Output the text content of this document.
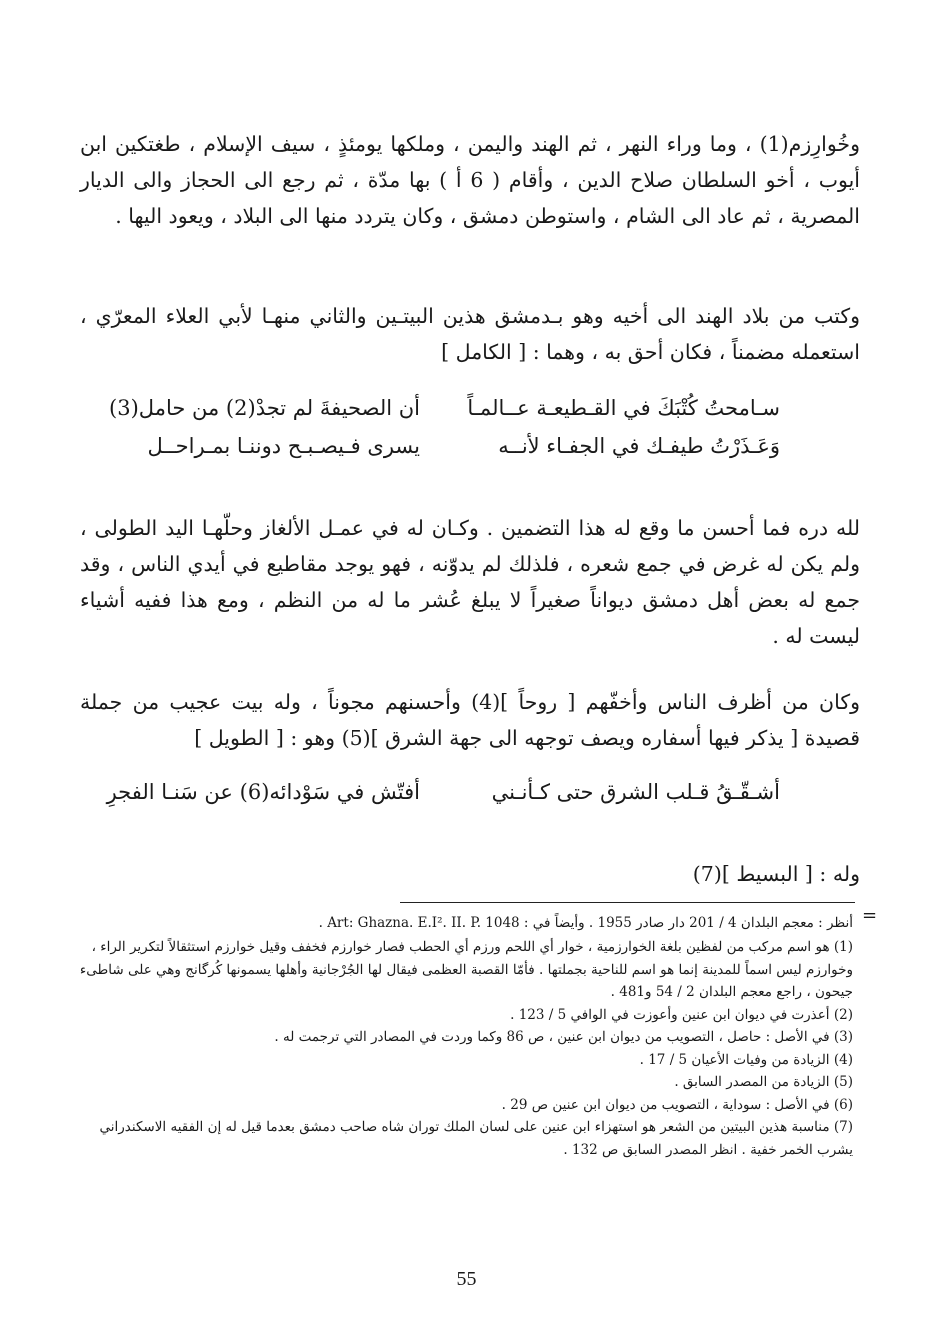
وخُوارِزم(1) ، وما وراء النهر ، ثم الهند واليمن ، وملكها يومئذٍ ، سيف الإسلام ، طغتكين ابن أيوب ، أخو السلطان صلاح الدين ، وأقام ( 6 أ ) بها مدّة ، ثم رجع الى الحجاز والى الديار المصرية ، ثم عاد الى الشام ، واستوطن دمشق ، وكان يتردد منها الى البلاد ، ويعود اليها .
وكتب من بلاد الهند الى أخيه وهو بـدمشق هذين البيتـين والثاني منهـا لأبي العلاء المعرّي ، استعمله مضمناً ، فكان أحق به ، وهما : [ الكامل ]
سـامحتُ كُتْبَكَ في القـطيعـة عــالمـاً
أن الصحيفةَ لم تجدْ(2) من حامل(3)
وَعَـذَرْتُ طيفـك في الجفـاء لأنــه
يسرى فـيصـبـح دوننـا بمـراحــل
لله دره فما أحسن ما وقع له هذا التضمين . وكـان له في عمـل الألغاز وحلّهـا اليد الطولى ، ولم يكن له غرض في جمع شعره ، فلذلك لم يدوّنه ، فهو يوجد مقاطيع في أيدي الناس ، وقد جمع له بعض أهل دمشق ديواناً صغيراً لا يبلغ عُشر ما له من النظم ، ومع هذا ففيه أشياء ليست له .
وكان من أظرف الناس وأخفّهم [ روحاً ](4) وأحسنهم مجوناً ، وله بيت عجيب من جملة قصيدة [ يذكر فيها أسفاره ويصف توجهه الى جهة الشرق ](5) وهو : [ الطويل ]
أشـقّـقُ قـلب الشرق حتى كـأنـني
أفتّش في سَوْدائه(6) عن سَنـا الفجرِ
وله : [ البسيط ](7)
=
أنظر : معجم البلدان 4 / 201 دار صادر 1955 . وأيضاً في : Art: Ghazna. E.I². II. P. 1048 .
(1) هو اسم مركب من لفظين بلغة الخوارزمية ، خوار أي اللحم ورزم أي الحطب فصار خوارزم فخفف وقيل خوارزم استثقالاً لتكرير الراء ، وخوارزم ليس اسماً للمدينة إنما هو اسم للناحية بجملتها . فأمّا القصبة العظمى فيقال لها الجُرْجانية وأهلها يسمونها كُرگانج وهي على شاطىء جيحون ، راجع معجم البلدان 2 / 54 و481 .
(2) أعذرت في ديوان ابن عنين وأعوزت في الوافي 5 / 123 .
(3) في الأصل : حاصل ، التصويب من ديوان ابن عنين ، ص 86 وكما وردت في المصادر التي ترجمت له .
(4) الزيادة من وفيات الأعيان 5 / 17 .
(5) الزيادة من المصدر السابق .
(6) في الأصل : سوداية ، التصويب من ديوان ابن عنين ص 29 .
(7) مناسبة هذين البيتين من الشعر هو استهزاء ابن عنين على لسان الملك توران شاه صاحب دمشق بعدما قيل له إن الفقيه الاسكندراني يشرب الخمر خفية . انظر المصدر السابق ص 132 .
55
